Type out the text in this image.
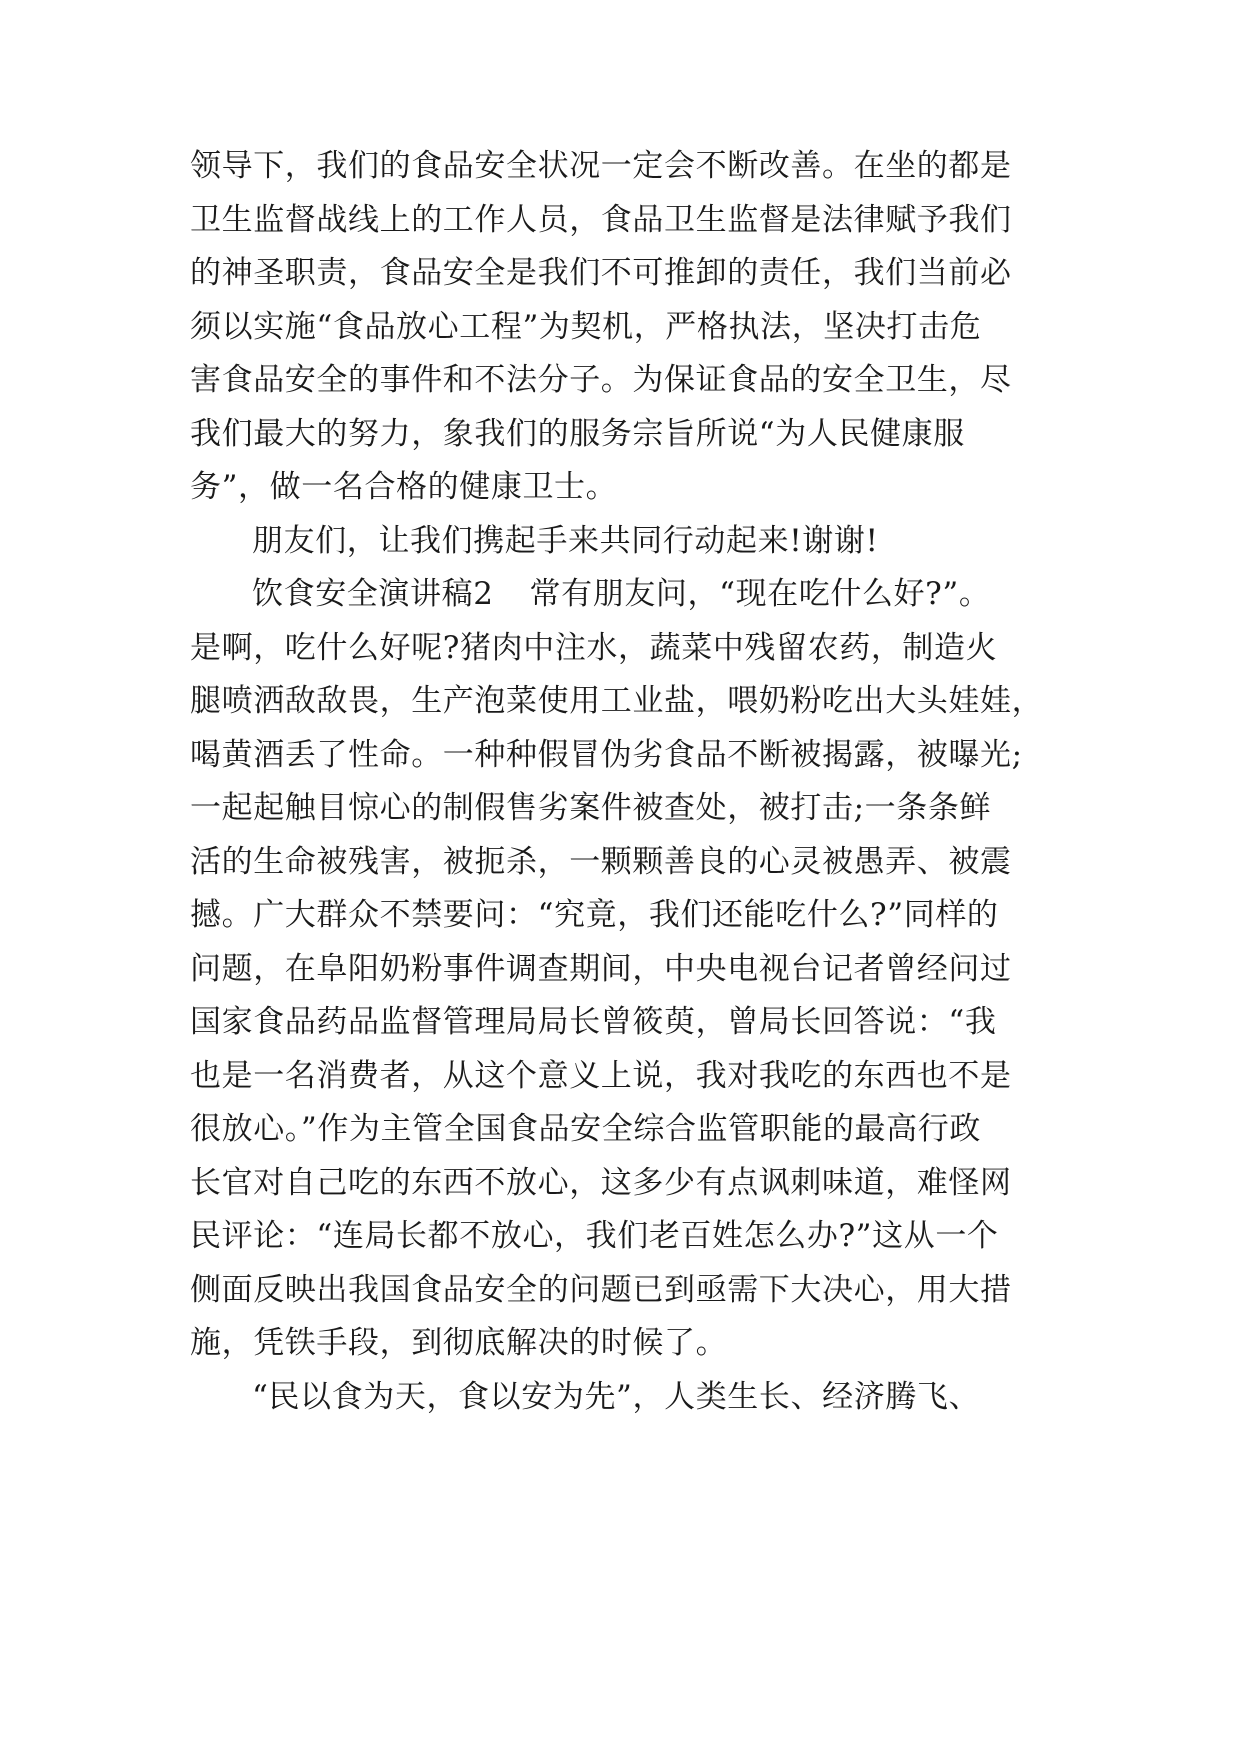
领导下，我们的食品安全状况一定会不断改善。在坐的都是
卫生监督战线上的工作人员，食品卫生监督是法律赋予我们
的神圣职责，食品安全是我们不可推卸的责任，我们当前必
须以实施“食品放心工程”为契机，严格执法，坚决打击危
害食品安全的事件和不法分子。为保证食品的安全卫生，尽
我们最大的努力，象我们的服务宗旨所说“为人民健康服
务”，做一名合格的健康卫士。
朋友们，让我们携起手来共同行动起来!谢谢!
饮食安全演讲稿2 常有朋友问，“现在吃什么好?”。
是啊，吃什么好呢?猪肉中注水，蔬菜中残留农药，制造火
腿喷洒敌敌畏，生产泡菜使用工业盐，喂奶粉吃出大头娃娃，
喝黄酒丢了性命。一种种假冒伪劣食品不断被揭露，被曝光;
一起起触目惊心的制假售劣案件被查处，被打击;一条条鲜
活的生命被残害，被扼杀，一颗颗善良的心灵被愚弄、被震
撼。广大群众不禁要问：“究竟，我们还能吃什么?”同样的
问题，在阜阳奶粉事件调查期间，中央电视台记者曾经问过
国家食品药品监督管理局局长曾筱萸，曾局长回答说：“我
也是一名消费者，从这个意义上说，我对我吃的东西也不是
很放心。”作为主管全国食品安全综合监管职能的最高行政
长官对自己吃的东西不放心，这多少有点讽刺味道，难怪网
民评论：“连局长都不放心，我们老百姓怎么办?”这从一个
侧面反映出我国食品安全的问题已到亟需下大决心，用大措
施，凭铁手段，到彻底解决的时候了。
“民以食为天，食以安为先”，人类生长、经济腾飞、
